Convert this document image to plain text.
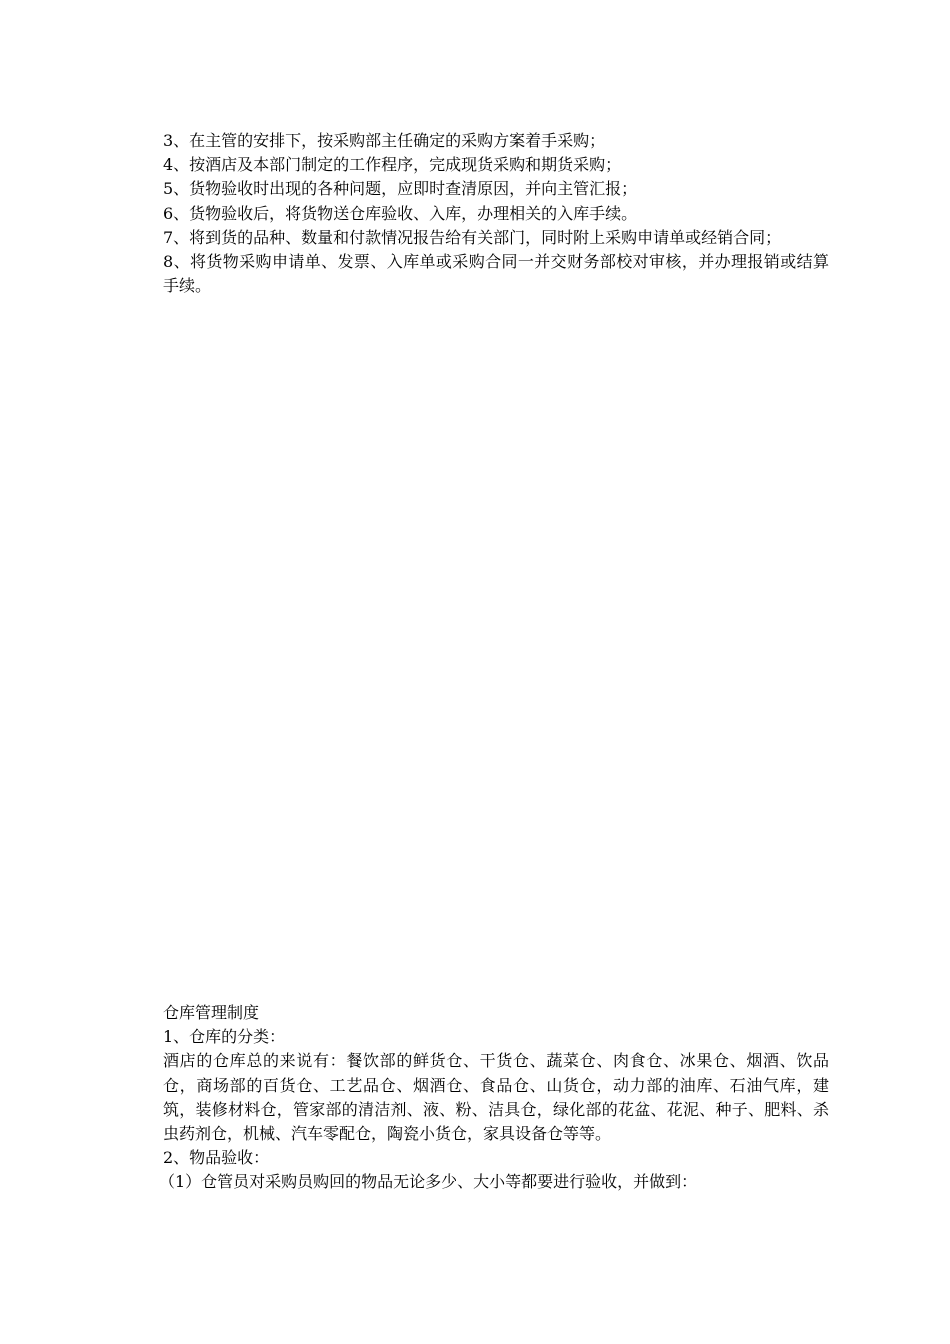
3、在主管的安排下，按采购部主任确定的采购方案着手采购；

4、按酒店及本部门制定的工作程序，完成现货采购和期货采购；

5、货物验收时出现的各种问题，应即时查清原因，并向主管汇报；

6、货物验收后，将货物送仓库验收、入库，办理相关的入库手续。

7、将到货的品种、数量和付款情况报告给有关部门，同时附上采购申请单或经销合同；

8、将货物采购申请单、发票、入库单或采购合同一并交财务部校对审核，并办理报销或结算手续。

仓库管理制度

1、仓库的分类：

酒店的仓库总的来说有：餐饮部的鲜货仓、干货仓、蔬菜仓、肉食仓、冰果仓、烟酒、饮品仓，商场部的百货仓、工艺品仓、烟酒仓、食品仓、山货仓，动力部的油库、石油气库，建筑，装修材料仓，管家部的清洁剂、液、粉、洁具仓，绿化部的花盆、花泥、种子、肥料、杀虫药剂仓，机械、汽车零配仓，陶瓷小货仓，家具设备仓等等。

2、物品验收：

（1）仓管员对采购员购回的物品无论多少、大小等都要进行验收，并做到：
